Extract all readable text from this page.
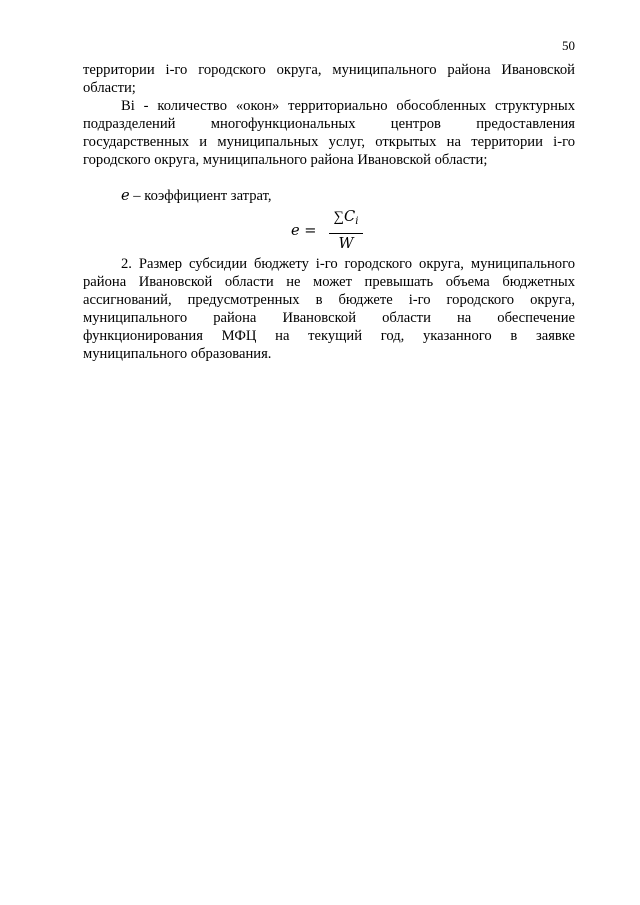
50

территории i-го городского округа, муниципального района Ивановской области;

Bi - количество «окон» территориально обособленных структурных подразделений многофункциональных центров предоставления государственных и муниципальных услуг, открытых на территории i-го городского округа, муниципального района Ивановской области;

e – коэффициент затрат,

$e = \frac{\sum C_i}{W}$

2. Размер субсидии бюджету i-го городского округа, муниципального района Ивановской области не может превышать объема бюджетных ассигнований, предусмотренных в бюджете i-го городского округа, муниципального района Ивановской области на обеспечение функционирования МФЦ на текущий год, указанного в заявке муниципального образования.
